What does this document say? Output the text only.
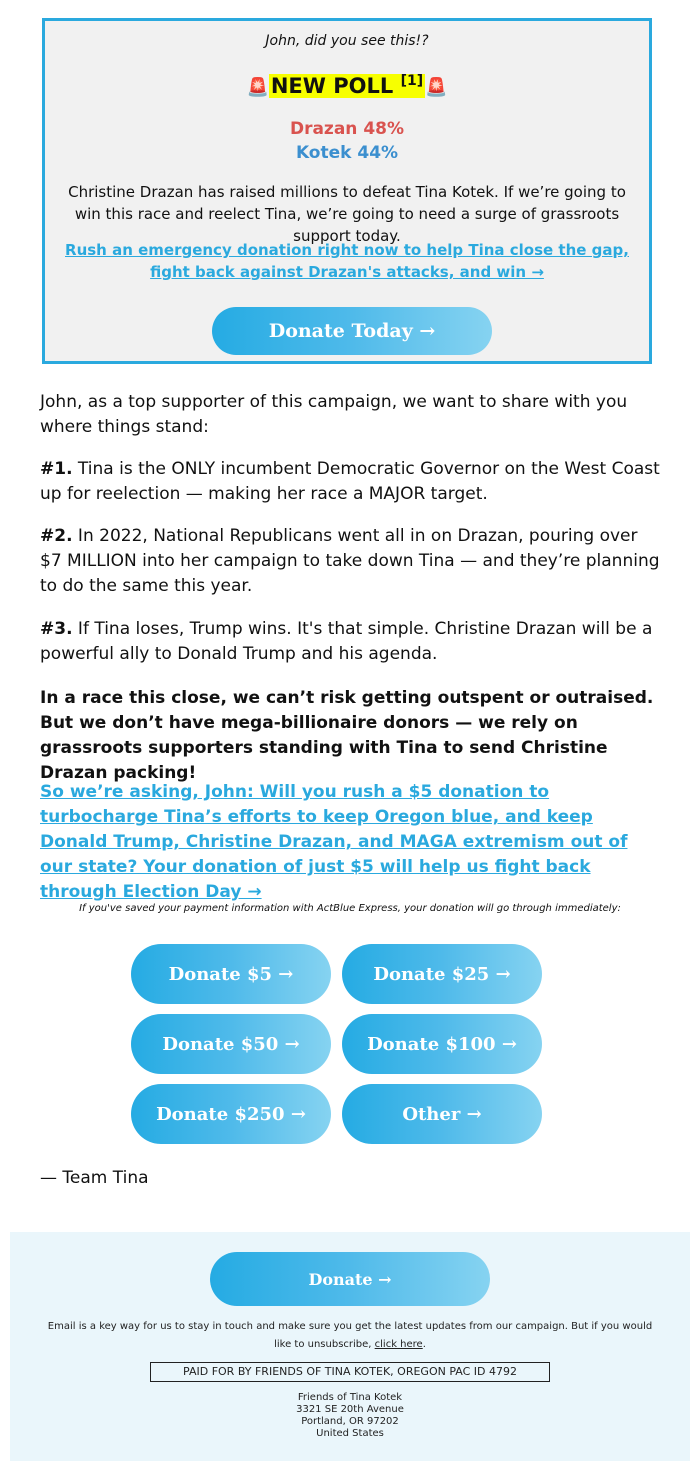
John, did you see this!?
🚨NEW POLL [1] 🚨
Drazan 48%
Kotek 44%
Christine Drazan has raised millions to defeat Tina Kotek. If we’re going to win this race and reelect Tina, we’re going to need a surge of grassroots support today.
Rush an emergency donation right now to help Tina close the gap, fight back against Drazan's attacks, and win →
Donate Today →
John, as a top supporter of this campaign, we want to share with you where things stand:
#1. Tina is the ONLY incumbent Democratic Governor on the West Coast up for reelection — making her race a MAJOR target.
#2. In 2022, National Republicans went all in on Drazan, pouring over $7 MILLION into her campaign to take down Tina — and they’re planning to do the same this year.
#3. If Tina loses, Trump wins. It's that simple. Christine Drazan will be a powerful ally to Donald Trump and his agenda.
In a race this close, we can’t risk getting outspent or outraised. But we don’t have mega-billionaire donors — we rely on grassroots supporters standing with Tina to send Christine Drazan packing!
So we’re asking, John: Will you rush a $5 donation to turbocharge Tina’s efforts to keep Oregon blue, and keep Donald Trump, Christine Drazan, and MAGA extremism out of our state? Your donation of just $5 will help us fight back through Election Day →
If you've saved your payment information with ActBlue Express, your donation will go through immediately:
Donate $5 →	Donate $25 →
Donate $50 →	Donate $100 →
Donate $250 →	Other →
— Team Tina
Donate →
Email is a key way for us to stay in touch and make sure you get the latest updates from our campaign. But if you would like to unsubscribe, click here.
PAID FOR BY FRIENDS OF TINA KOTEK, OREGON PAC ID 4792
Friends of Tina Kotek
3321 SE 20th Avenue
Portland, OR 97202
United States
